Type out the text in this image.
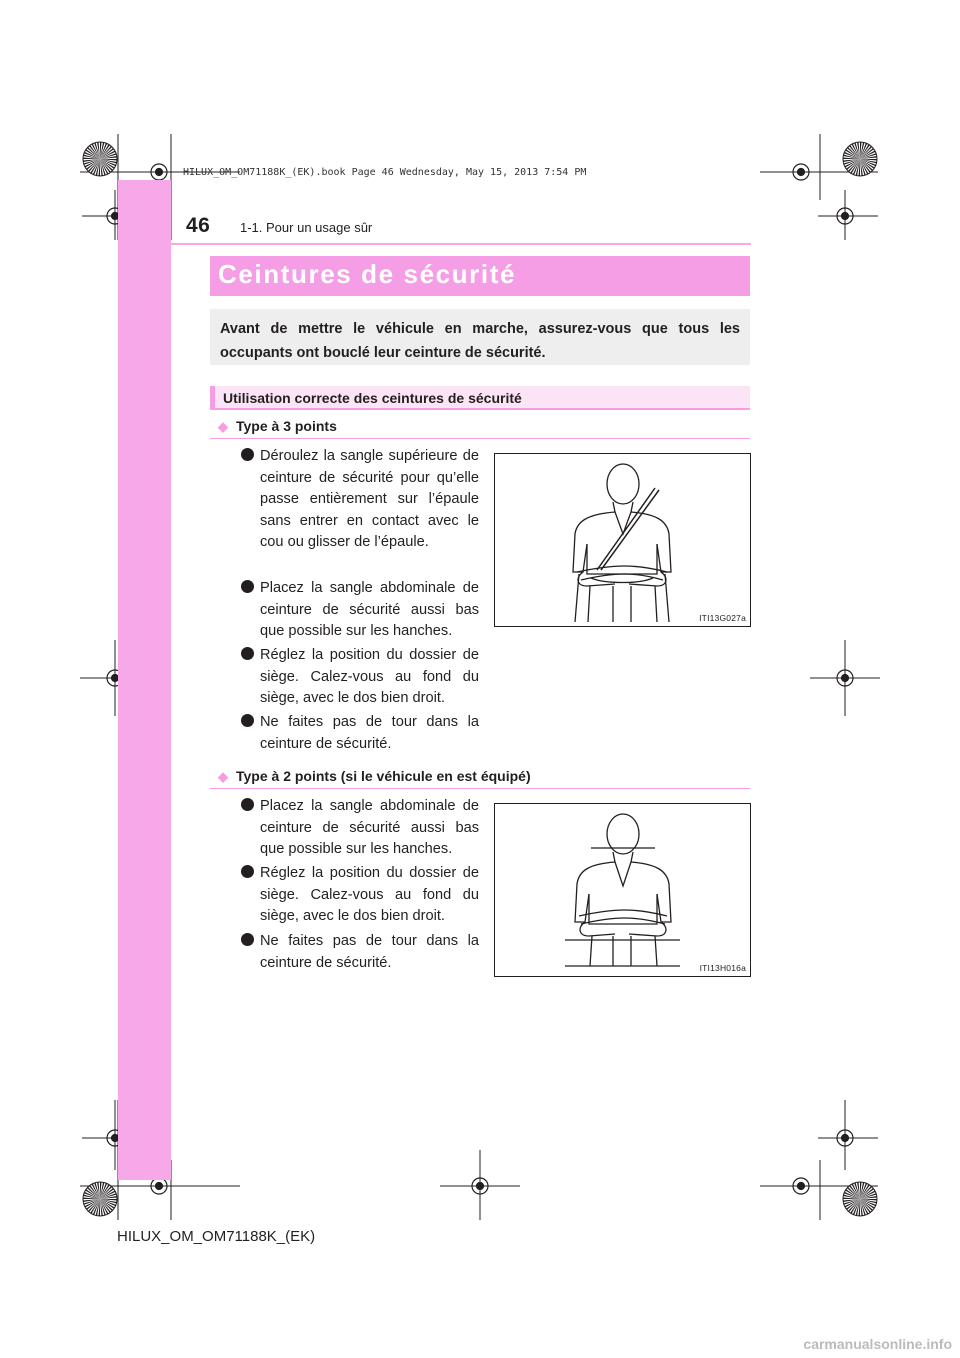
46 1-1. Pour un usage sûr
HILUX_OM_OM71188K_(EK).book Page 46 Wednesday, May 15, 2013 7:54 PM
Ceintures de sécurité
Avant de mettre le véhicule en marche, assurez-vous que tous les occupants ont bouclé leur ceinture de sécurité.
Utilisation correcte des ceintures de sécurité
◆ Type à 3 points
Déroulez la sangle supérieure de ceinture de sécurité pour qu’elle passe entièrement sur l’épaule sans entrer en contact avec le cou ou glisser de l’épaule.
Placez la sangle abdominale de ceinture de sécurité aussi bas que possible sur les hanches.
Réglez la position du dossier de siège. Calez-vous au fond du siège, avec le dos bien droit.
Ne faites pas de tour dans la ceinture de sécurité.
ITI13G027a
◆ Type à 2 points (si le véhicule en est équipé)
Placez la sangle abdominale de ceinture de sécurité aussi bas que possible sur les hanches.
Réglez la position du dossier de siège. Calez-vous au fond du siège, avec le dos bien droit.
Ne faites pas de tour dans la ceinture de sécurité.	ITI13H016a
HILUX_OM_OM71188K_(EK)
carmanualsonline.info
